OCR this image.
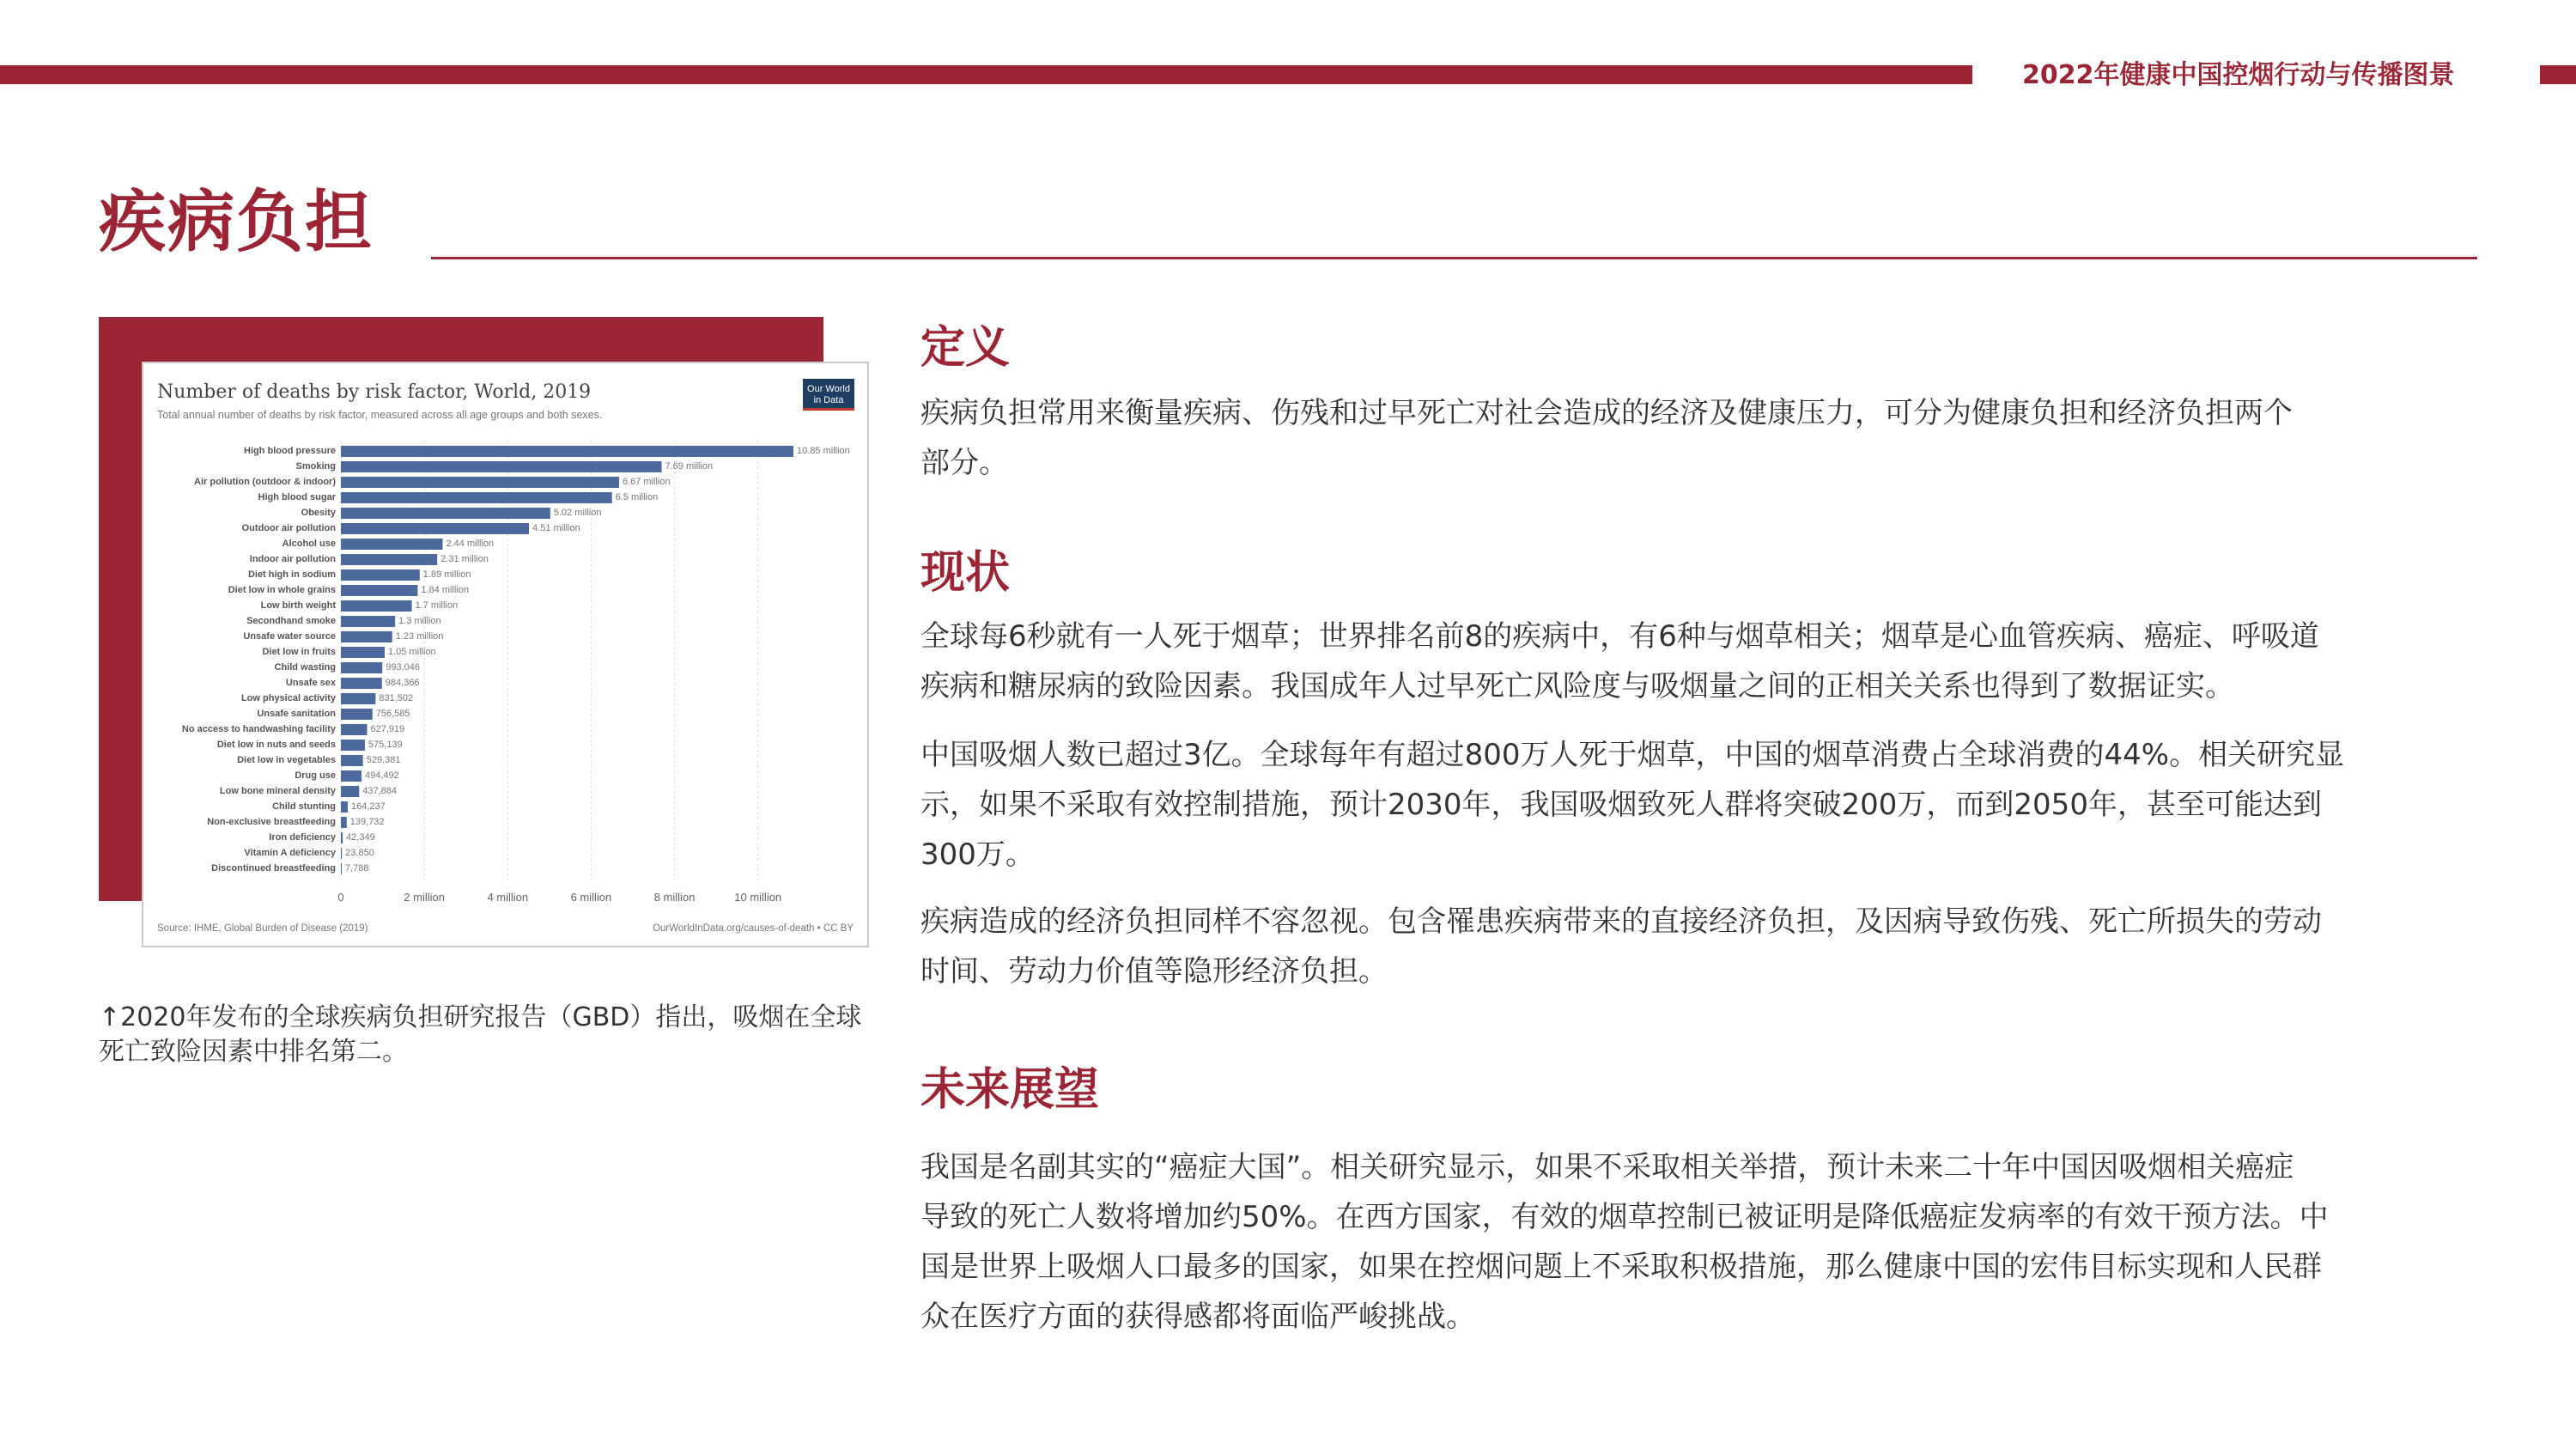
2022年健康中国控烟行动与传播图景
疾病负担
Number of deaths by risk factor, World, 2019
Total annual number of deaths by risk factor, measured across all age groups and both sexes.
Our World
in Data
High blood pressure	10.85 million
Smoking	7.69 million
Air pollution (outdoor & indoor)	6.67 million
High blood sugar	6.5 million
Obesity	5.02 million
Outdoor air pollution	4.51 million
Alcohol use	2.44 million
Indoor air pollution	2.31 million
Diet high in sodium	1.89 million
Diet low in whole grains	1.84 million
Low birth weight	1.7 million
Secondhand smoke	1.3 million
Unsafe water source	1.23 million
Diet low in fruits	1.05 million
Child wasting	993,046
Unsafe sex	984,366
Low physical activity	831,502
Unsafe sanitation	756,585
No access to handwashing facility	627,919
Diet low in nuts and seeds	575,139
Diet low in vegetables	529,381
Drug use	494,492
Low bone mineral density	437,884
Child stunting 164,237
Non-exclusive breastfeeding 139,732
Iron deficiency 42,349
Vitamin A deficiency 23,850
Discontinued breastfeeding 7,788
0	2 million	4 million	6 million	8 million	10 million
Source: IHME, Global Burden of Disease (2019)	OurWorldInData.org/causes-of-death • CC BY
↑2020年发布的全球疾病负担研究报告（GBD）指出，吸烟在全球死亡致险因素中排名第二。
定义
疾病负担常用来衡量疾病、伤残和过早死亡对社会造成的经济及健康压力，可分为健康负担和经济负担两个
部分。
现状
全球每6秒就有一人死于烟草；世界排名前8的疾病中，有6种与烟草相关；烟草是心血管疾病、癌症、呼吸道
疾病和糖尿病的致险因素。我国成年人过早死亡风险度与吸烟量之间的正相关关系也得到了数据证实。
中国吸烟人数已超过3亿。全球每年有超过800万人死于烟草，中国的烟草消费占全球消费的44%。相关研究显
示，如果不采取有效控制措施，预计2030年，我国吸烟致死人群将突破200万，而到2050年，甚至可能达到
300万。
疾病造成的经济负担同样不容忽视。包含罹患疾病带来的直接经济负担，及因病导致伤残、死亡所损失的劳动
时间、劳动力价值等隐形经济负担。
未来展望
我国是名副其实的“癌症大国”。相关研究显示，如果不采取相关举措，预计未来二十年中国因吸烟相关癌症
导致的死亡人数将增加约50%。在西方国家，有效的烟草控制已被证明是降低癌症发病率的有效干预方法。中
国是世界上吸烟人口最多的国家，如果在控烟问题上不采取积极措施，那么健康中国的宏伟目标实现和人民群
众在医疗方面的获得感都将面临严峻挑战。
